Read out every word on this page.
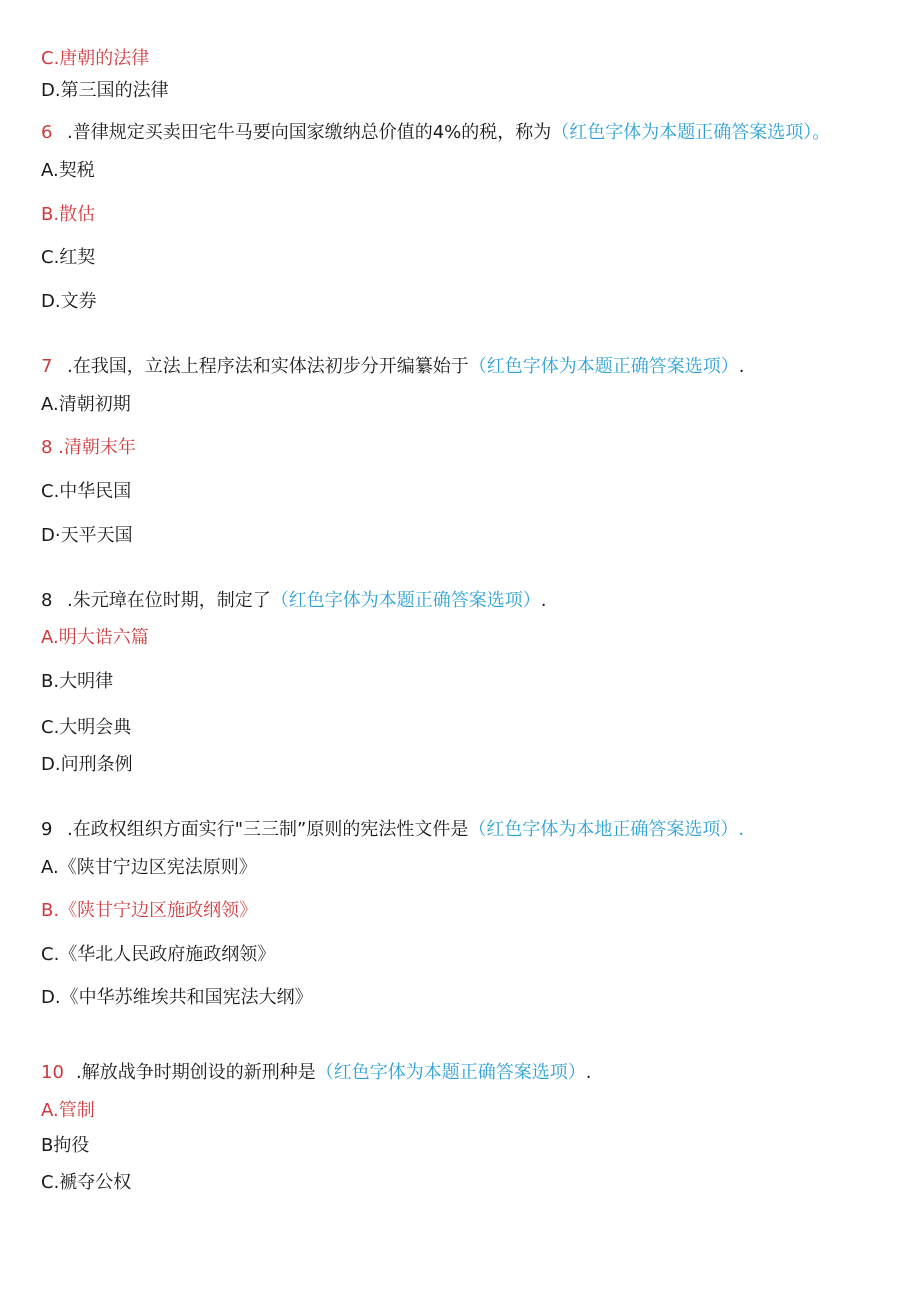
C.唐朝的法律
D.第三国的法律
6 .普律规定买卖田宅牛马要向国家缴纳总价值的4%的税，称为（红色字体为本题正确答案选项）。
A.契税
B.散估
C.红契
D.文券
7 .在我国，立法上程序法和实体法初步分开编纂始于（红色字体为本题正确答案选项）.
A.清朝初期
8 .清朝末年
C.中华民国
D·天平天国
8 .朱元璋在位时期，制定了（红色字体为本题正确答案选项）.
A.明大诰六篇
B.大明律
C.大明会典
D.问刑条例
9 .在政权组织方面实行"三三制”原则的宪法性文件是（红色字体为本地正确答案选项）.
A.《陕甘宁边区宪法原则》
B.《陕甘宁边区施政纲领》
C.《华北人民政府施政纲领》
D.《中华苏维埃共和国宪法大纲》
10 .解放战争时期创设的新刑种是（红色字体为本题正确答案选项）.
A.管制
B拘役
C.褫夺公权
